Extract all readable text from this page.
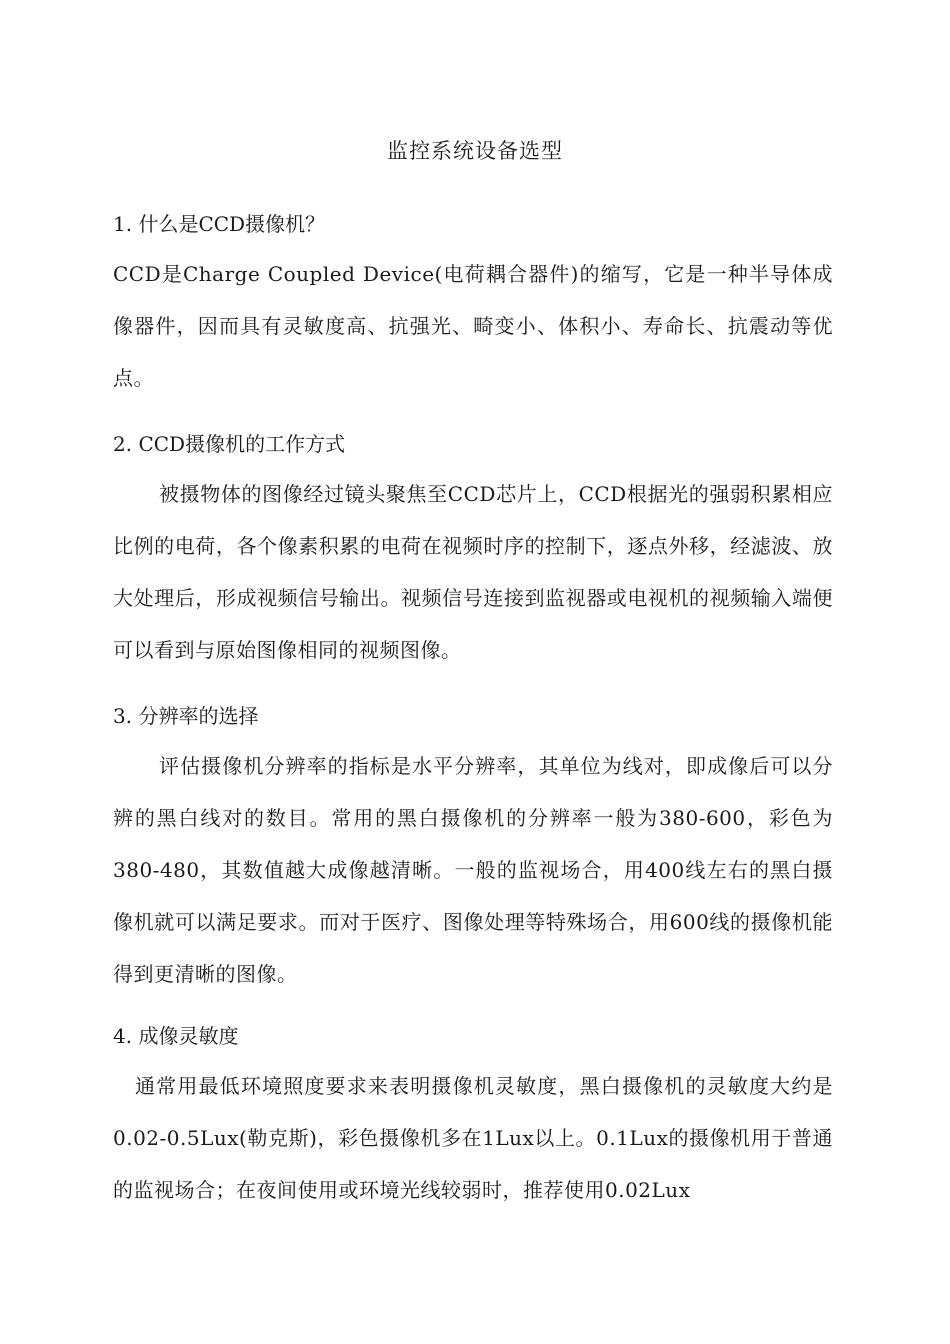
监控系统设备选型
1. 什么是CCD摄像机？
CCD是Charge Coupled Device(电荷耦合器件)的缩写，它是一种半导体成像器件，因而具有灵敏度高、抗强光、畸变小、体积小、寿命长、抗震动等优点。
2. CCD摄像机的工作方式
被摄物体的图像经过镜头聚焦至CCD芯片上，CCD根据光的强弱积累相应比例的电荷，各个像素积累的电荷在视频时序的控制下，逐点外移，经滤波、放大处理后，形成视频信号输出。视频信号连接到监视器或电视机的视频输入端便可以看到与原始图像相同的视频图像。
3. 分辨率的选择
评估摄像机分辨率的指标是水平分辨率，其单位为线对，即成像后可以分辨的黑白线对的数目。常用的黑白摄像机的分辨率一般为380-600，彩色为380-480，其数值越大成像越清晰。一般的监视场合，用400线左右的黑白摄像机就可以满足要求。而对于医疗、图像处理等特殊场合，用600线的摄像机能得到更清晰的图像。
4. 成像灵敏度
通常用最低环境照度要求来表明摄像机灵敏度，黑白摄像机的灵敏度大约是0.02-0.5Lux(勒克斯)，彩色摄像机多在1Lux以上。0.1Lux的摄像机用于普通的监视场合；在夜间使用或环境光线较弱时，推荐使用0.02Lux
